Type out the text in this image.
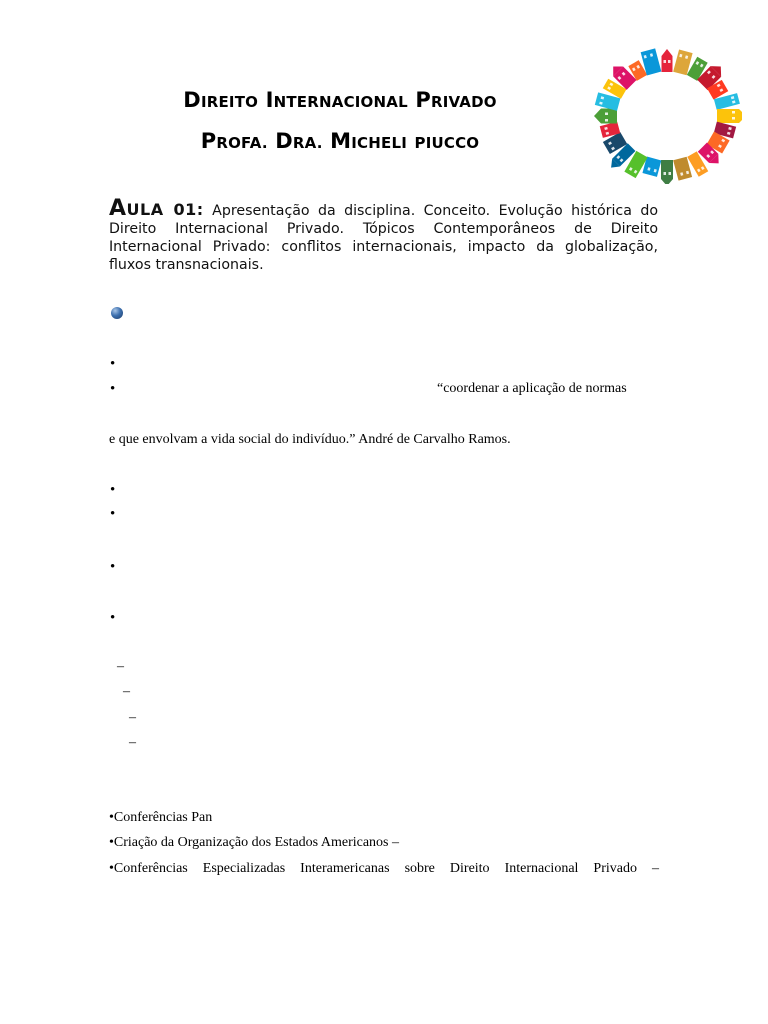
DIREITO INTERNACIONAL PRIVADO
PROFA. DRA. MICHELI PIUCCO
AULA 01: Apresentação da disciplina. Conceito. Evolução histórica do Direito Internacional Privado. Tópicos Contemporâneos de Direito Internacional Privado: conflitos internacionais, impacto da globalização, fluxos transnacionais.
•
•	“coordenar a aplicação de normas
e que envolvam a vida social do indivíduo.” André de Carvalho Ramos.
•
•
•
•
–
–
–
–
•Conferências Pan
•Criação da Organização dos Estados Americanos –
•Conferências Especializadas Interamericanas sobre Direito Internacional Privado –
